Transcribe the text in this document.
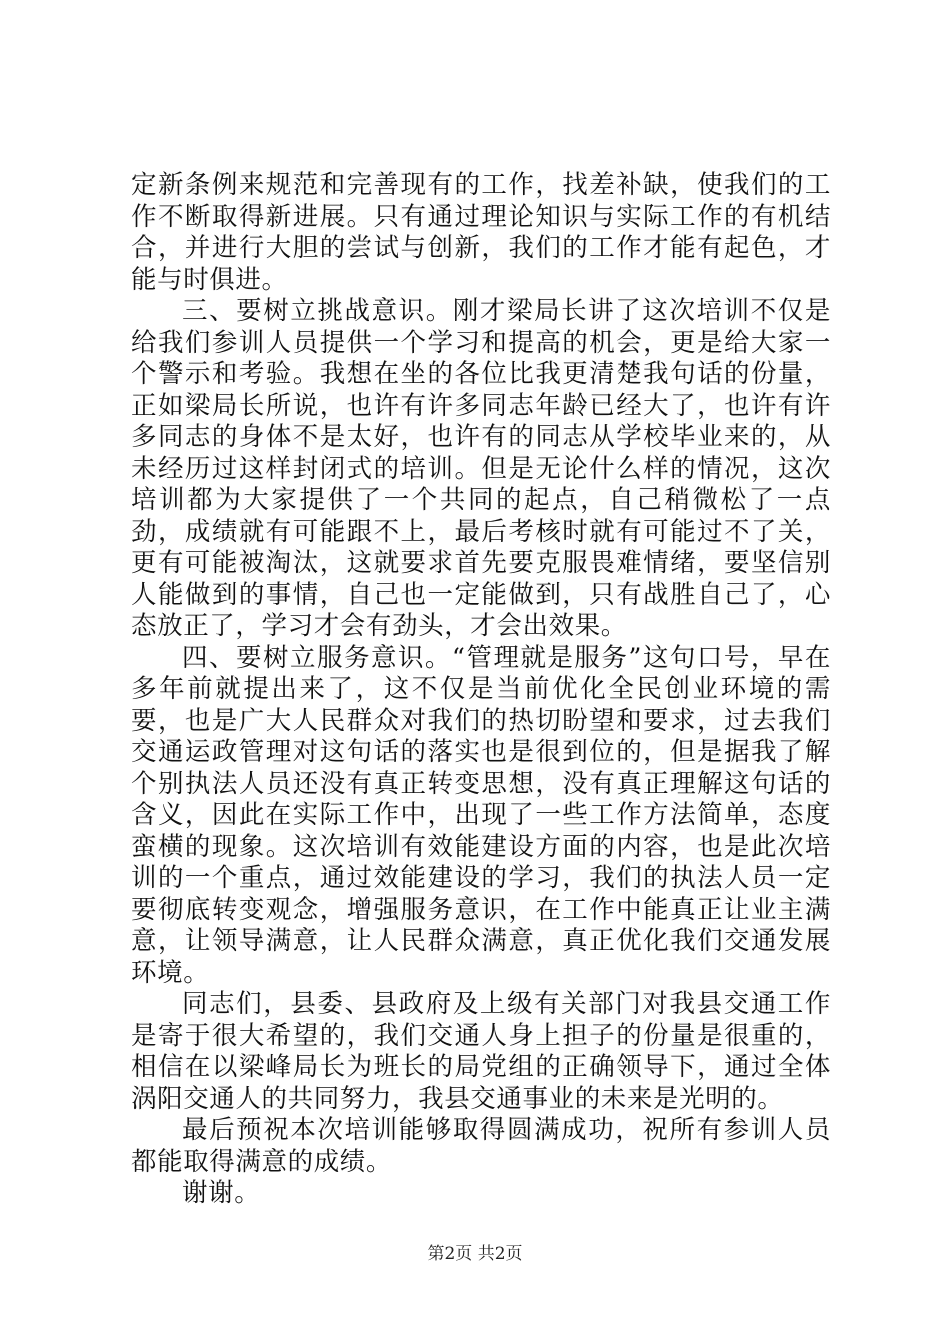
定新条例来规范和完善现有的工作，找差补缺，使我们的工作不断取得新进展。只有通过理论知识与实际工作的有机结合，并进行大胆的尝试与创新，我们的工作才能有起色，才能与时俱进。

三、要树立挑战意识。刚才梁局长讲了这次培训不仅是给我们参训人员提供一个学习和提高的机会，更是给大家一个警示和考验。我想在坐的各位比我更清楚我句话的份量，正如梁局长所说，也许有许多同志年龄已经大了，也许有许多同志的身体不是太好，也许有的同志从学校毕业来的，从未经历过这样封闭式的培训。但是无论什么样的情况，这次培训都为大家提供了一个共同的起点，自己稍微松了一点劲，成绩就有可能跟不上，最后考核时就有可能过不了关，更有可能被淘汰，这就要求首先要克服畏难情绪，要坚信别人能做到的事情，自己也一定能做到，只有战胜自己了，心态放正了，学习才会有劲头，才会出效果。

四、要树立服务意识。“管理就是服务”这句口号，早在多年前就提出来了，这不仅是当前优化全民创业环境的需要，也是广大人民群众对我们的热切盼望和要求，过去我们交通运政管理对这句话的落实也是很到位的，但是据我了解个别执法人员还没有真正转变思想，没有真正理解这句话的含义，因此在实际工作中，出现了一些工作方法简单，态度蛮横的现象。这次培训有效能建设方面的内容，也是此次培训的一个重点，通过效能建设的学习，我们的执法人员一定要彻底转变观念，增强服务意识，在工作中能真正让业主满意，让领导满意，让人民群众满意，真正优化我们交通发展环境。

同志们，县委、县政府及上级有关部门对我县交通工作是寄于很大希望的，我们交通人身上担子的份量是很重的，相信在以梁峰局长为班长的局党组的正确领导下，通过全体涡阳交通人的共同努力，我县交通事业的未来是光明的。

最后预祝本次培训能够取得圆满成功，祝所有参训人员都能取得满意的成绩。

谢谢。

第2页 共2页
